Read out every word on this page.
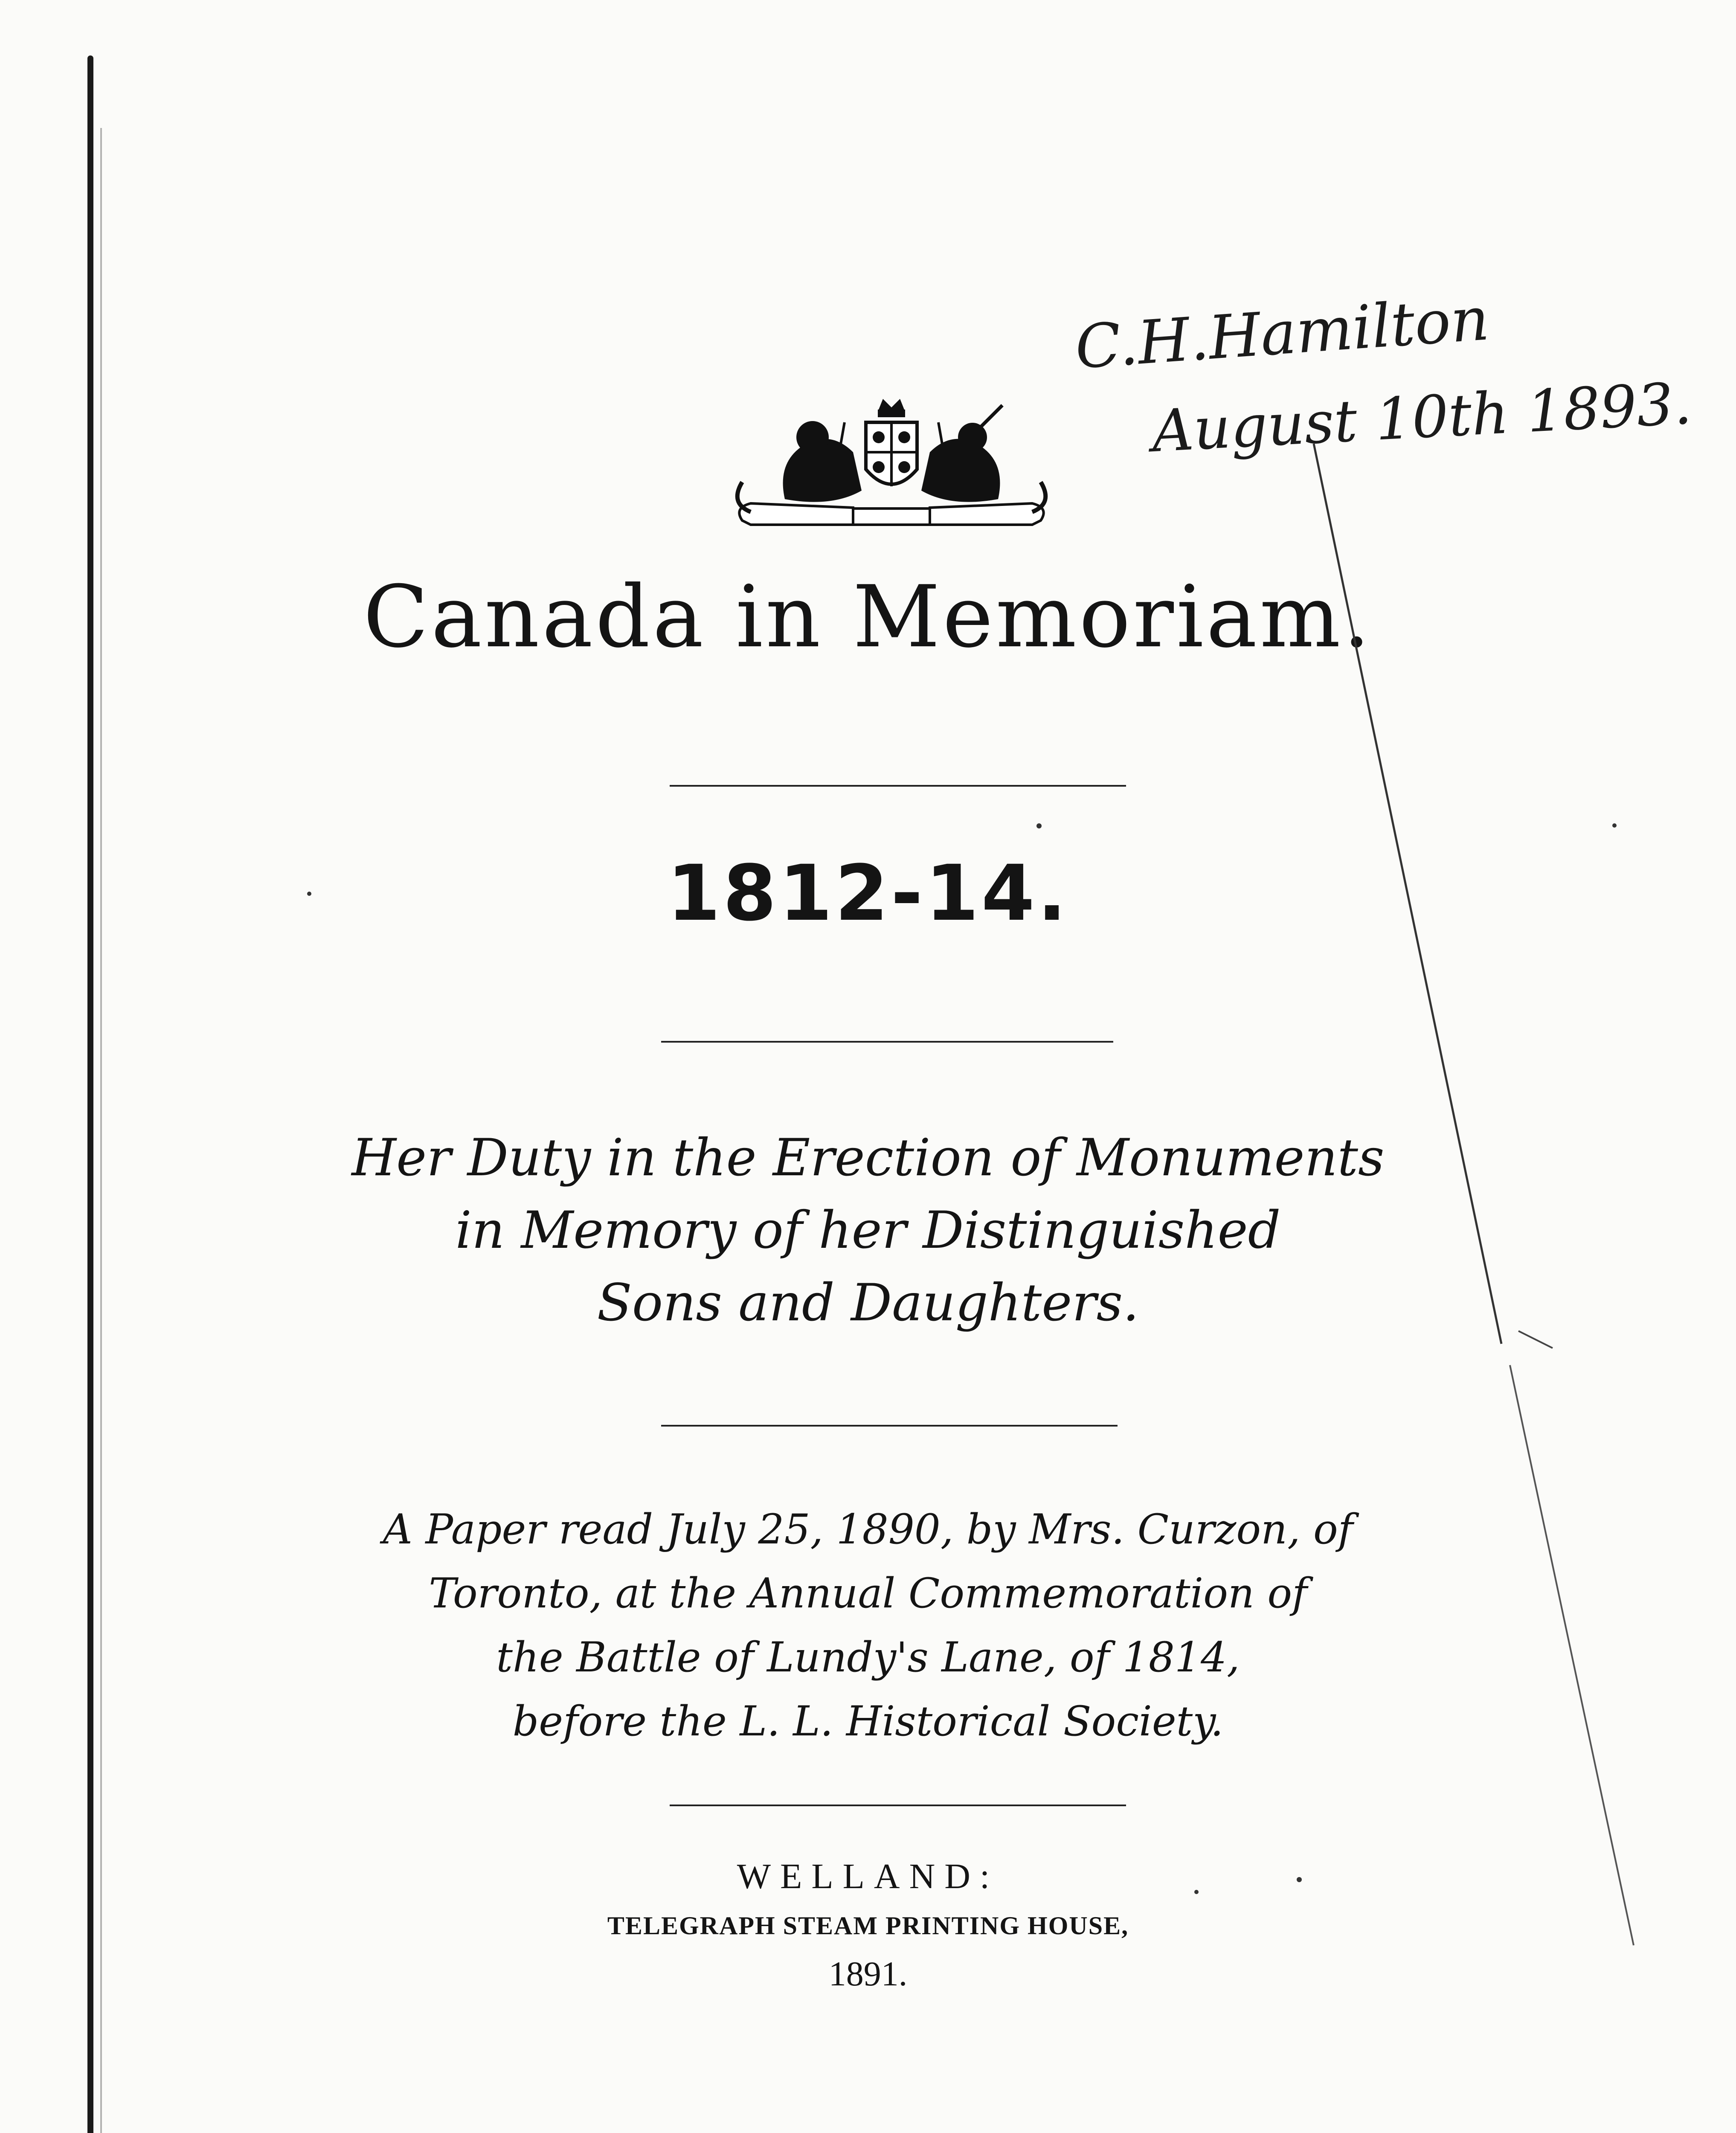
C.H.Hamilton
August 10th 1893.
Canada in Memoriam.
1812-14.
Her Duty in the Erection of Monuments
in Memory of her Distinguished
Sons and Daughters.
A Paper read July 25, 1890, by Mrs. Curzon, of
Toronto, at the Annual Commemoration of
the Battle of Lundy's Lane, of 1814,
before the L. L. Historical Society.
WELLAND:
TELEGRAPH STEAM PRINTING HOUSE,
1891.
